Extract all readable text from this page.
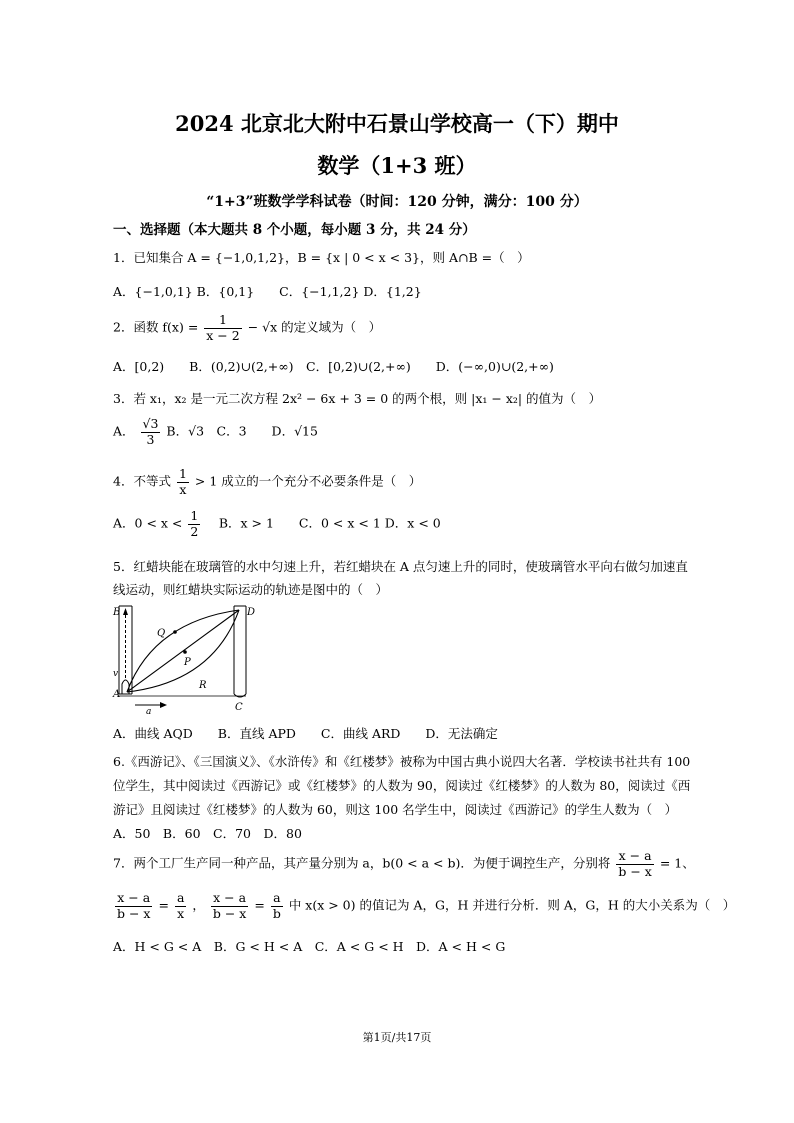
2024 北京北大附中石景山学校高一（下）期中
数学（1+3 班）
“1+3”班数学学科试卷（时间：120 分钟，满分：100 分）
一、选择题（本大题共 8 个小题，每小题 3 分，共 24 分）
1．已知集合 A = {−1,0,1,2}，B = {x | 0 < x < 3}，则 A∩B =（　）
A．{−1,0,1} B．{0,1}　　C．{−1,1,2} D．{1,2}
2．函数 $f(x) = \frac{1}{x - 2} - √x$ 的定义域为（　）
A．[0,2)　　B．(0,2)∪(2,+∞)　C．[0,2)∪(2,+∞)　　D．(−∞,0)∪(2,+∞)
3．若 x₁，x₂ 是一元二次方程 2x² − 6x + 3 = 0 的两个根，则 |x₁ − x₂| 的值为（　）
A． $\frac{√3}{3}$ B．√3　C．3　　D．√15
4．不等式 $\frac{1}{x} > 1$ 成立的一个充分不必要条件是（　）
A．$0 < x < \frac{1}{2}$ 　B．x > 1　　C．0 < x < 1 D．x < 0
5．红蜡块能在玻璃管的水中匀速上升，若红蜡块在 A 点匀速上升的同时，使玻璃管水平向右做匀加速直
线运动，则红蜡块实际运动的轨迹是图中的（　）
B	D
Q
P
R
v
A
C
a
A．曲线 AQD　　B．直线 APD　　C．曲线 ARD　　D．无法确定
6.《西游记》、《三国演义》、《水浒传》和《红楼梦》被称为中国古典小说四大名著．学校读书社共有 100
位学生，其中阅读过《西游记》或《红楼梦》的人数为 90，阅读过《红楼梦》的人数为 80，阅读过《西
游记》且阅读过《红楼梦》的人数为 60，则这 100 名学生中，阅读过《西游记》的学生人数为（　）
A．50　B．60　C．70　D．80
7．两个工厂生产同一种产品，其产量分别为 a，b(0 < a < b)．为便于调控生产，分别将 $\frac{x - a}{b - x} = 1$、
$\frac{x - a}{b - x} = \frac{a}{x}$ ， $\frac{x - a}{b - x} = \frac{a}{b}$ 中 x(x > 0) 的值记为 A，G，H 并进行分析．则 A，G，H 的大小关系为（　）
A．H < G < A　B．G < H < A　C．A < G < H　D．A < H < G
第1页/共17页
